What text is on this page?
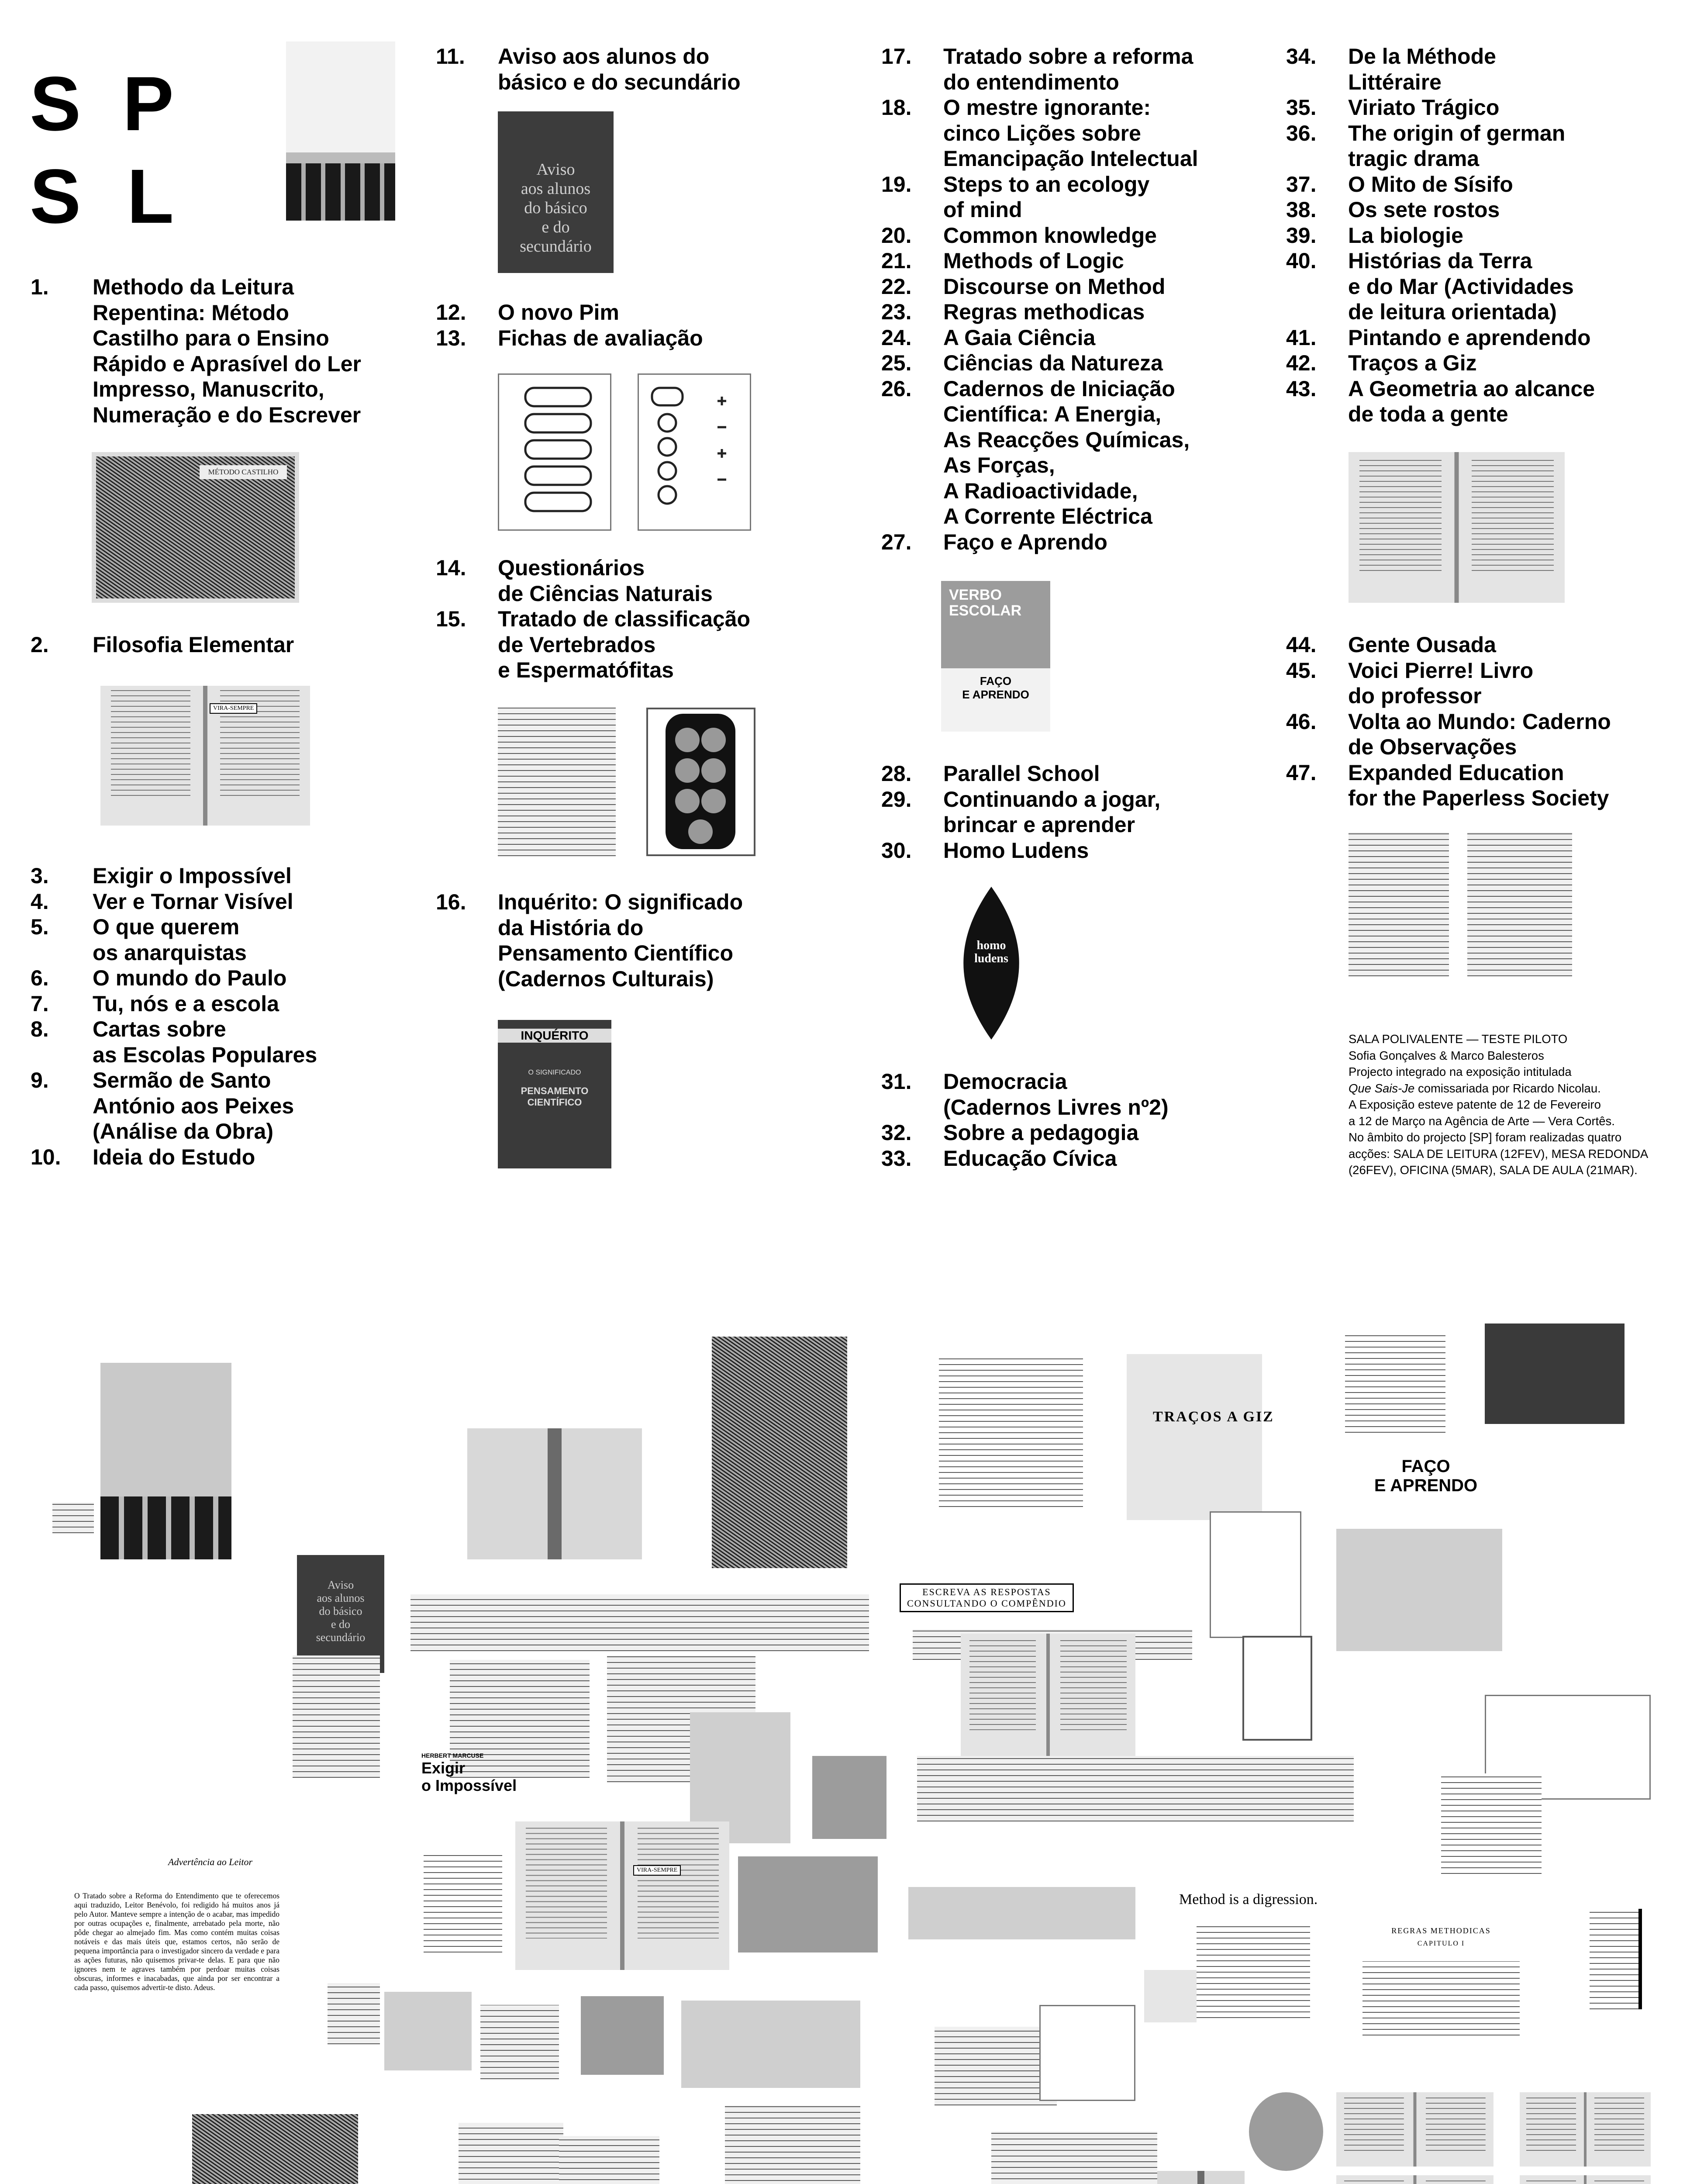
S P
S L
1.	Methodo da Leitura
Repentina: Método
Castilho para o Ensino
Rápido e Aprasível do Ler
Impresso, Manuscrito,
Numeração e do Escrever
2.	Filosofia Elementar
3.	Exigir o Impossível
4.	Ver e Tornar Visível
5.	O que querem
os anarquistas
6.	O mundo do Paulo
7.	Tu, nós e a escola
8.	Cartas sobre
as Escolas Populares
9.	Sermão de Santo
António aos Peixes
(Análise da Obra)
10.	Ideia do Estudo
11.	Aviso aos alunos do
básico e do secundário
12.	O novo Pim
13.	Fichas de avaliação
14.	Questionários
de Ciências Naturais
15.	Tratado de classificação
de Vertebrados
e Espermatófitas
16.	Inquérito: O significado
da História do
Pensamento Científico
(Cadernos Culturais)
17.	Tratado sobre a reforma
do entendimento
18.	O mestre ignorante:
cinco Lições sobre
Emancipação Intelectual
19.	Steps to an ecology
of mind
20.	Common knowledge
21.	Methods of Logic
22.	Discourse on Method
23.	Regras methodicas
24.	A Gaia Ciência
25.	Ciências da Natureza
26.	Cadernos de Iniciação
Científica: A Energia,
As Reacções Químicas,
As Forças,
A Radioactividade,
A Corrente Eléctrica
27.	Faço e Aprendo
28.	Parallel School
29.	Continuando a jogar,
brincar e aprender
30.	Homo Ludens
31.	Democracia
(Cadernos Livres nº2)
32.	Sobre a pedagogia
33.	Educação Cívica
34.	De la Méthode
Littéraire
35.	Viriato Trágico
36.	The origin of german
tragic drama
37.	O Mito de Sísifo
38.	Os sete rostos
39.	La biologie
40.	Histórias da Terra
e do Mar (Actividades
de leitura orientada)
41.	Pintando e aprendendo
42.	Traços a Giz
43.	A Geometria ao alcance
de toda a gente
44.	Gente Ousada
45.	Voici Pierre! Livro
do professor
46.	Volta ao Mundo: Caderno
de Observações
47.	Expanded Education
for the Paperless Society
MÉTODO CASTILHO
VIRA-SEMPRE
Aviso
aos alunos
do básico
e do
secundário
INQUÉRITO
O SIGNIFICADO
PENSAMENTO
CIENTÍFICO
VERBO
ESCOLAR
FAÇO
E APRENDO
homo
ludens

SALA POLIVALENTE — TESTE PILOTO

Sofia Gonçalves & Marco Balesteros

Projecto integrado na exposição intitulada

Que Sais-Je comissariada por Ricardo Nicolau.

A Exposição esteve patente de 12 de Fevereiro

a 12 de Março na Agência de Arte — Vera Cortês.

No âmbito do projecto [SP] foram realizadas quatro

acções: SALA DE LEITURA (12FEV), MESA REDONDA

(26FEV), OFICINA (5MAR), SALA DE AULA (21MAR).

TRAÇOS A GIZ
FAÇO
E APRENDO
Aviso
aos alunos
do básico
e do
secundário
ESCREVA AS RESPOSTAS
CONSULTANDO O COMPÊNDIO
HERBERT MARCUSE
Exigir
o Impossível
Advertência ao Leitor
O Tratado sobre a Reforma do Entendimento que te oferecemos aqui traduzido, Leitor Benévolo, foi redigido há muitos anos já pelo Autor. Manteve sempre a intenção de o acabar, mas impedido por outras ocupações e, finalmente, arrebatado pela morte, não pôde chegar ao almejado fim. Mas como contém muitas coisas notáveis e das mais úteis que, estamos certos, não serão de pequena importância para o investigador sincero da verdade e para as ações futuras, não quisemos privar-te delas. E para que não ignores nem te agraves também por perdoar muitas coisas obscuras, informes e inacabadas, que ainda por ser encontrar a cada passo, quisemos advertir-te disto. Adeus.
VIRA-SEMPRE
Method is a digression.
REGRAS METHODICAS
CAPITULO I
